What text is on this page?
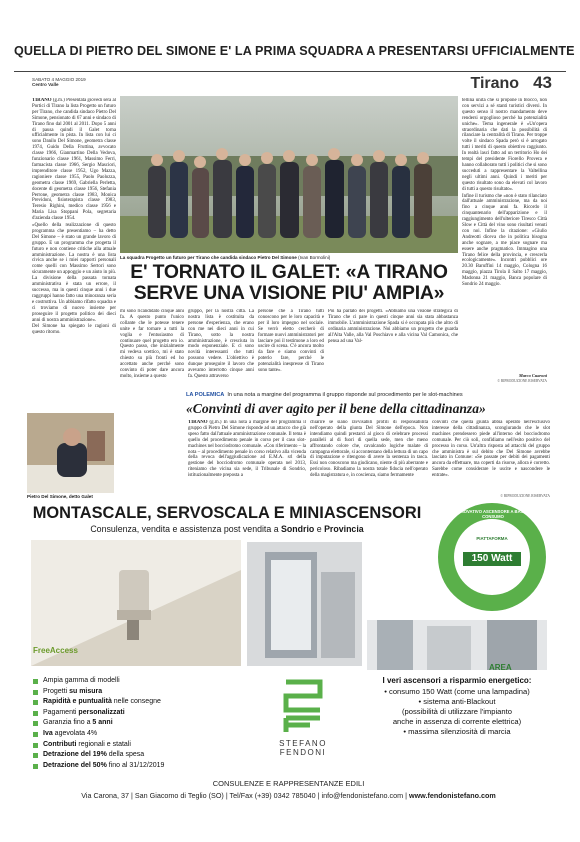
QUELLA DI PIETRO DEL SIMONE E' LA PRIMA SQUADRA A PRESENTARSI UFFICIALMENTE
SABATO 4 MAGGIO 2019
Centro Valle	Tirano 43

TIRANO (g.m.) Presentata giovedì sera al Portici di Tirano la lista Progetto un futuro per Tirano, che candida sindaco Pietro Del Simone, pensionato di 67 anni e sindaco di Tirano fino dal 2001 al 2011. Dopo 5 anni di pausa quindi il Galet torna ufficialmente in pista. In lista con lui ci sono Danilo Del Simone, geometra classe 1974, Guido Della Fruttina, avvocato classe 1966, Gianmartino Della Vedova, funzionario classe 1961, Massimo Ferri, farmacista classe 1966, Sergio Masciori, imprenditore classe 1952, Ugo Mazza, ragioniere classe 1955, Paolo Paolozza, geometra classe 1969, Gabriella Perletta, docente di geometra classe 1956, Stefania Perrone, geometra classe 1983, Monica Previdoni, fisioterapista classe 1983, Teresio Righini, medico classe 1956 e Maria Lisa Stoppani Pola, segretaria d'azienda classe 1954.

«Quello della realizzazione di questo programma che presentiamo – ha detto Del Simone – è stato un grande lavoro di gruppo. E un programma che progetta il futuro e non contiene critiche alla attuale amministrazione. La nostra è una lista civica anche se i miei rapporti personali come quelli con Massimo Sertori sono sicuramente un appoggio e un aiuto in più. La divisione della passata tornata amministrativa è stata un errore, il successo, ma in questi cinque anni i due raggruppi hanno fatto una minoranza seria e costruttiva. Un abbiamo rifatto squadra e ci troviamo di nuovo insieme per proseguire il progetto politico dei dieci anni di nostra amministrazione».

Del Simone ha spiegato le ragioni di questo ritorno.

La squadra Progetto un futuro per Tirano che candida sindaco Pietro Del Simone (Ivan Bormolini)

tellina unita che si propone in blocco, non con servizi a sé stanti turistici diversi. In questo senso il nostro mandamento deve rendersi orgoglioso perché ha potenzialità uniche». Tema ingenerale è «Un'opera straordinaria che dati la possibilità di rilanciare la centralità di Tirano. Per troppe volte il sindaco Spada però si è arrogato tutti i meriti di questo obiettivo raggiunto. In realtà lasci fatto ad un territorio Ho dei tempi del presidente Fiorello Provera e hanno collaborato tutti i politici che si sono succeduti a rappresentare la Valtellina negli ultimi anni. Quindi i meriti per questo risultato sono da elevati col lavoro di tutti a questo risultato».

Infine il turismo che «non è stato rilanciato dall'attuale amministrazione, ma da noi fino a cinque anni fa. Ricordo il cinquantenario dell'apparizione e il raggiungimento dell'ulteriore Tiresco Città Slow e Città del vino sono risultati venuti con noi. Infine la citazione: «Giulio Andreotti diceva che in politica bisogna anche sognare, a me piace sognare ma essere anche pragmatico. Immagino una Tirano felice della provincia, e crescerla ecologicamente». Incontri pubblici ore 20.30 Baruffini 14 maggio, Cologna 16 maggio, piazza Tirola il Salto 17 maggio, Madonna 21 maggio, Banca popolare di Sondrio 24 maggio.

Marco Cuaroni
© RIPRODUZIONE RISERVATA
E' TORNATO IL GALET: «A TIRANO
SERVE UNA VISIONE PIU' AMPIA»
mi sono ricandidato cinque anni fa. A questo punto l'unico collante che le potesse tenere unite e far tornare a tutti la voglia e l'entusiasmo di continuare quel progetto ero io. Questo passo, che inizialmente mi vedeva scettico, mi è stato chiesto su più fronti ed ho accettato anche perché sono convinto di poter dare ancora molto, insieme a questo
gruppo, per la nostra città. La nostra lista è costituita da persone d'esperienza, che erano con me nei dieci anni in cui Tirano, sotto la nostra amministrazione, è cresciuta in modo esponenziale. E ci sono novità interessanti che tutti possono vedere. L'obiettivo è dunque proseguire il lavoro che avevamo interrotto cinque anni fa. Questo attraverso
persone che a Tirano tutti conoscono per le loro capacità e per il loro impegno nel sociale. Se verrò eletto cercherò di formare nuovi amministratori per lasciare poi il testimone a loro ed uscire di scena. C'è ancora molto da fare e siamo convinti di poterlo fare, perché le potenzialità inespresse di Tirano sono tante».
Poi ha parlato dei progetti. «Abbiamo una visione strategica di Tirano che ci pare in questi cinque anni sia stata abbastanza immobile. L'amministrazione Spada si è occupata più che altro di ordinaria amministrazione. Noi abbiamo un progetto che guarda all'Alta Valle, alla Val Poschiavo e alla vicina Val Camonica, che pensa ad una Val-
Pietro Del Simone, detto Galet
LA POLEMICA In una nota a margine del programma il gruppo risponde sul procedimento per le slot-machines
«Convinti di aver agito per il bene della cittadinanza»
TIRANO (g.m.) In una nota a margine del programma il gruppo di Pietro Del Simone risponde ad un attacco che già speso fatto dall'attuale amministrazione comunale. Il tema è quello del procedimento penale in corso per il caso slot-machines nel bocciodromo comunale. «Con riferimento – la nota – al procedimento penale in corso relativo alla vicenda della revoca dell'aggiudicazione ad E.M.A. srl della gestione del bocciodromo comunale operata nel 2013, riteniamo che vicina sia sede, il Tribunale di Sondrio, istituzionalmente preposta a
chiarire se siano ravvisabili profili di responsabilità nell'operato della giunta Del Simone dell'epoca. Non intendiamo quindi prestarci al gioco di celebrare processi paralleli al di fuori di quella sede, men che meno affrontando colore che, cavalcando logiche malate di campagna elettorale, si accontentano della lettura di un capo di imputazione e ritengono di avere la sentenza in tasca. Essi non conoscono ma giudicano, niente di più aberrante e pericoloso. Ribadiamo la nostra totale fiducia nell'operato della magistratura e, in coscienza, siamo fermamente
convinti che quella giunta abbia operato nell'esclusivo interesse della cittadinanza, scongiurando che le slot machines prendessero piede all'interno del bocciodromo comunale. Per ciò soli, confidiamo nell'esito positivo del processo in corso. Un'altra risposta ad attacchi del gruppo che amministra è sul debito che Del Simone avrebbe lasciato in Comune: «Se passate per debiti dei pagamenti ancora da effettuare, ma coperti da risorse, allora è corretto. Sarebbe come considerare le uscite e nascondere le entrate».
© RIPRODUZIONE RISERVATA
MONTASCALE, SERVOSCALA E MINIASCENSORI
Consulenza, vendita e assistenza post vendita a Sondrio e Provincia
INNOVATIVO ASCENSORE A BASSO CONSUMO
PIATTAFORMA
150 Watt
FreeAccess
AREA
Ampia gamma di modelli
Progetti su misura
Rapidità e puntualità nelle consegne
Pagamenti personalizzati
Garanzia fino a 5 anni
Iva agevolata 4%
Contributi regionali e statali
Detrazione del 19% della spesa
Detrazione del 50% fino al 31/12/2019
STEFANO
FENDONI
I veri ascensori a risparmio energetico:
• consumo 150 Watt (come una lampadina)
• sistema anti-Blackout
(possibilità di utilizzare l'impianto
anche in assenza di corrente elettrica)
• massima silenziosità di marcia
CONSULENZE E RAPPRESENTANZE EDILI
Via Carona, 37 | San Giacomo di Teglio (SO) | Tel/Fax (+39) 0342 785040 | info@fendonistefano.com | www.fendonistefano.com
